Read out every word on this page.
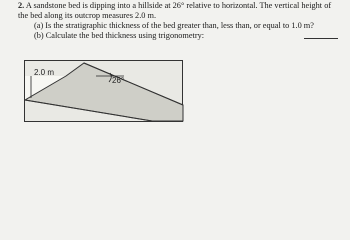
2. A sandstone bed is dipping into a hillside at 26° relative to horizontal. The vertical height of
the bed along its outcrop measures 2.0 m.
(a) Is the stratigraphic thickness of the bed greater than, less than, or equal to 1.0 m?
(b) Calculate the bed thickness using trigonometry:
2.0 m
26°
